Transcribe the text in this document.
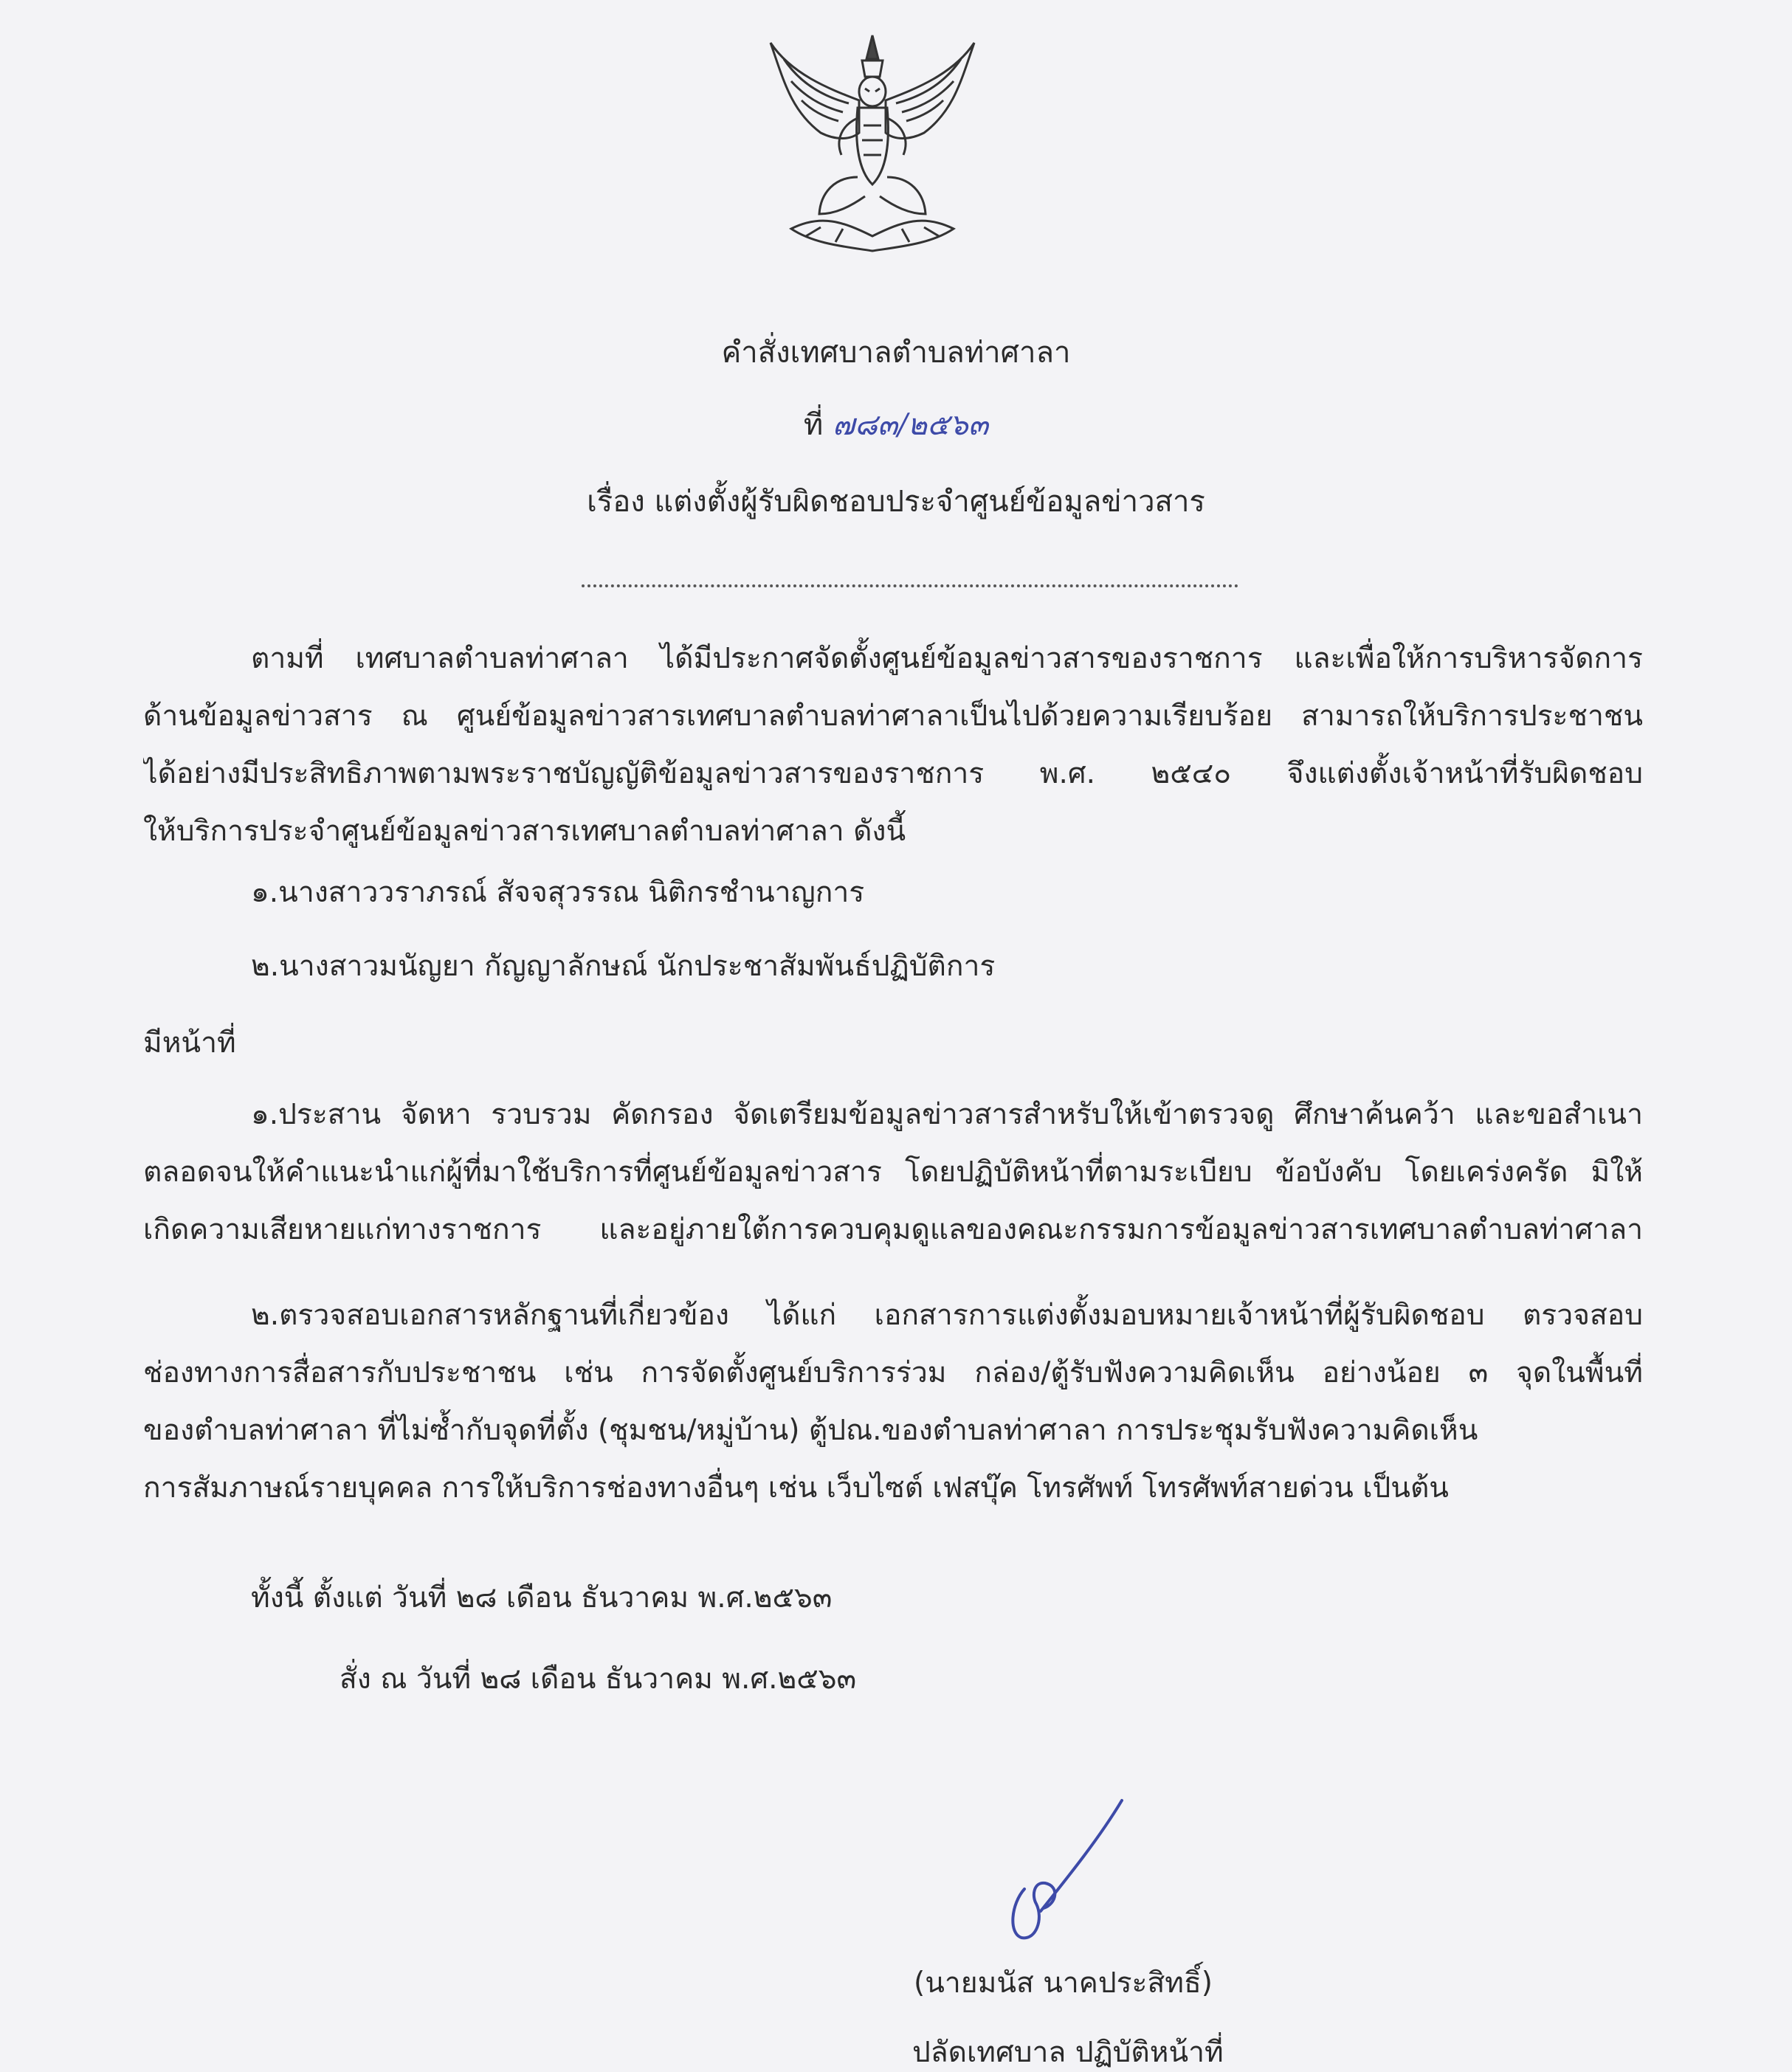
คำสั่งเทศบาลตำบลท่าศาลา
ที่ ๗๘๓/๒๕๖๓
เรื่อง แต่งตั้งผู้รับผิดชอบประจำศูนย์ข้อมูลข่าวสาร
ตามที่ เทศบาลตำบลท่าศาลา ได้มีประกาศจัดตั้งศูนย์ข้อมูลข่าวสารของราชการ และเพื่อให้การบริหารจัดการ
ด้านข้อมูลข่าวสาร ณ ศูนย์ข้อมูลข่าวสารเทศบาลตำบลท่าศาลาเป็นไปด้วยความเรียบร้อย สามารถให้บริการประชาชน
ได้อย่างมีประสิทธิภาพตามพระราชบัญญัติข้อมูลข่าวสารของราชการ พ.ศ. ๒๕๔๐ จึงแต่งตั้งเจ้าหน้าที่รับผิดชอบ
ให้บริการประจำศูนย์ข้อมูลข่าวสารเทศบาลตำบลท่าศาลา ดังนี้
๑.นางสาววราภรณ์ สัจจสุวรรณ นิติกรชำนาญการ
๒.นางสาวมนัญยา กัญญาลักษณ์ นักประชาสัมพันธ์ปฏิบัติการ
มีหน้าที่
๑.ประสาน จัดหา รวบรวม คัดกรอง จัดเตรียมข้อมูลข่าวสารสำหรับให้เข้าตรวจดู ศึกษาค้นคว้า และขอสำเนา
ตลอดจนให้คำแนะนำแก่ผู้ที่มาใช้บริการที่ศูนย์ข้อมูลข่าวสาร โดยปฏิบัติหน้าที่ตามระเบียบ ข้อบังคับ โดยเคร่งครัด มิให้
เกิดความเสียหายแก่ทางราชการ และอยู่ภายใต้การควบคุมดูแลของคณะกรรมการข้อมูลข่าวสารเทศบาลตำบลท่าศาลา
๒.ตรวจสอบเอกสารหลักฐานที่เกี่ยวข้อง ได้แก่ เอกสารการแต่งตั้งมอบหมายเจ้าหน้าที่ผู้รับผิดชอบ ตรวจสอบ
ช่องทางการสื่อสารกับประชาชน เช่น การจัดตั้งศูนย์บริการร่วม กล่อง/ตู้รับฟังความคิดเห็น อย่างน้อย ๓ จุดในพื้นที่
ของตำบลท่าศาลา ที่ไม่ซ้ำกับจุดที่ตั้ง (ชุมชน/หมู่บ้าน) ตู้ปณ.ของตำบลท่าศาลา การประชุมรับฟังความคิดเห็น
การสัมภาษณ์รายบุคคล การให้บริการช่องทางอื่นๆ เช่น เว็บไซต์ เฟสบุ๊ค โทรศัพท์ โทรศัพท์สายด่วน เป็นต้น
ทั้งนี้ ตั้งแต่ วันที่ ๒๘ เดือน ธันวาคม พ.ศ.๒๕๖๓
สั่ง ณ วันที่ ๒๘ เดือน ธันวาคม พ.ศ.๒๕๖๓
(นายมนัส นาคประสิทธิ์)
ปลัดเทศบาล ปฏิบัติหน้าที่
